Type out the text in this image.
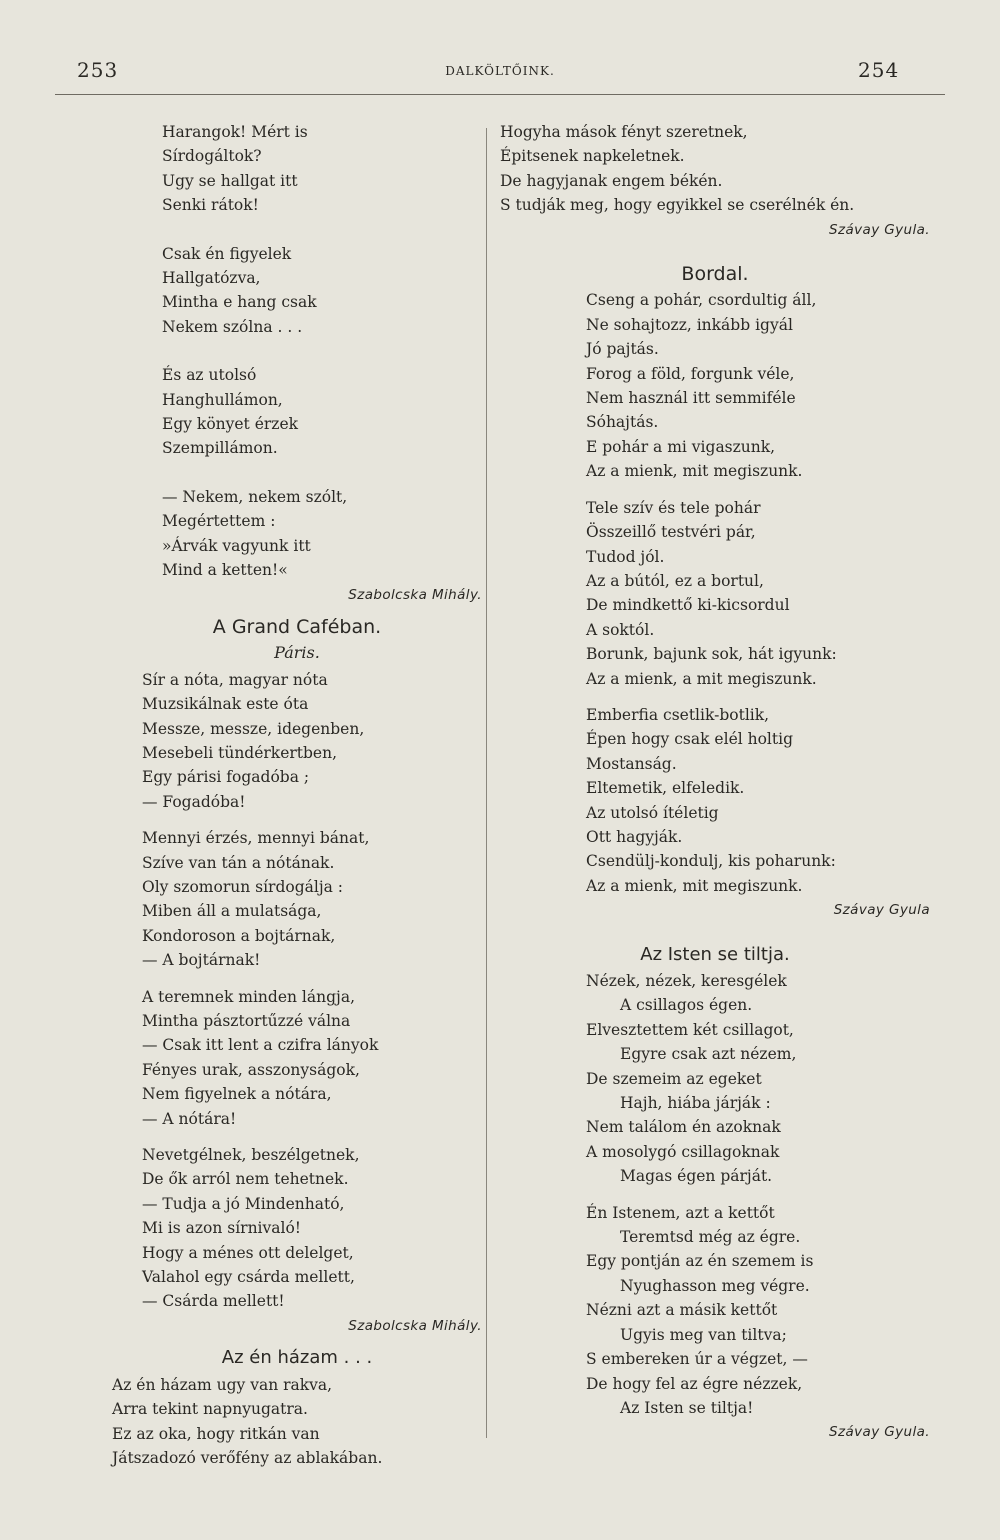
253	DALKÖLTŐINK.	254
Harangok! Mért is
Sírdogáltok?
Ugy se hallgat itt
Senki rátok!
Csak én figyelek
Hallgatózva,
Mintha e hang csak
Nekem szólna . . .
És az utolsó
Hanghullámon,
Egy könyet érzek
Szempillámon.
— Nekem, nekem szólt,
Megértettem :
»Árvák vagyunk itt
Mind a ketten!«
Szabolcska Mihály.
A Grand Caféban.
Páris.
Sír a nóta, magyar nóta
Muzsikálnak este óta
Messze, messze, idegenben,
Mesebeli tündérkertben,
Egy párisi fogadóba ;
— Fogadóba!
Mennyi érzés, mennyi bánat,
Szíve van tán a nótának.
Oly szomorun sírdogálja :
Miben áll a mulatsága,
Kondoroson a bojtárnak,
— A bojtárnak!
A teremnek minden lángja,
Mintha pásztortűzzé válna
— Csak itt lent a czifra lányok
Fényes urak, asszonyságok,
Nem figyelnek a nótára,
— A nótára!
Nevetgélnek, beszélgetnek,
De ők arról nem tehetnek.
— Tudja a jó Mindenható,
Mi is azon sírnivaló!
Hogy a ménes ott delelget,
Valahol egy csárda mellett,
— Csárda mellett!
Szabolcska Mihály.
Az én házam . . .
Az én házam ugy van rakva,
Arra tekint napnyugatra.
Ez az oka, hogy ritkán van
Játszadozó verőfény az ablakában.
Hogyha mások fényt szeretnek,
Épitsenek napkeletnek.
De hagyjanak engem békén.
S tudják meg, hogy egyikkel se cserélnék én.
Szávay Gyula.
Bordal.
Cseng a pohár, csordultig áll,
Ne sohajtozz, inkább igyál
Jó pajtás.
Forog a föld, forgunk véle,
Nem használ itt semmiféle
Sóhajtás.
E pohár a mi vigaszunk,
Az a mienk, mit megiszunk.
Tele szív és tele pohár
Összeillő testvéri pár,
Tudod jól.
Az a bútól, ez a bortul,
De mindkettő ki-kicsordul
A soktól.
Borunk, bajunk sok, hát igyunk:
Az a mienk, a mit megiszunk.
Emberfia csetlik-botlik,
Épen hogy csak elél holtig
Mostanság.
Eltemetik, elfeledik.
Az utolsó ítéletig
Ott hagyják.
Csendülj-kondulj, kis poharunk:
Az a mienk, mit megiszunk.
Szávay Gyula
Az Isten se tiltja.
Nézek, nézek, keresgélek
A csillagos égen.
Elvesztettem két csillagot,
Egyre csak azt nézem,
De szemeim az egeket
Hajh, hiába járják :
Nem találom én azoknak
A mosolygó csillagoknak
Magas égen párját.
Én Istenem, azt a kettőt
Teremtsd még az égre.
Egy pontján az én szemem is
Nyughasson meg végre.
Nézni azt a másik kettőt
Ugyis meg van tiltva;
S embereken úr a végzet, —
De hogy fel az égre nézzek,
Az Isten se tiltja!
Szávay Gyula.
